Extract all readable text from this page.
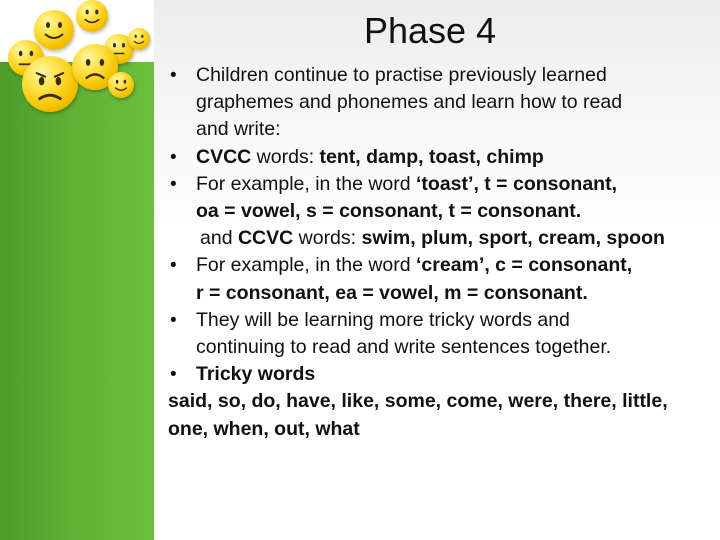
Phase 4
• Children continue to practise previously learned
graphemes and phonemes and learn how to read
and write:
• CVCC words: tent, damp, toast, chimp
• For example, in the word ‘toast’, t = consonant,
oa = vowel, s = consonant, t = consonant.
and CCVC words: swim, plum, sport, cream, spoon
• For example, in the word ‘cream’, c = consonant,
r = consonant, ea = vowel, m = consonant.
• They will be learning more tricky words and
continuing to read and write sentences together.
• Tricky words
said, so, do, have, like, some, come, were, there, little, one, when, out, what
